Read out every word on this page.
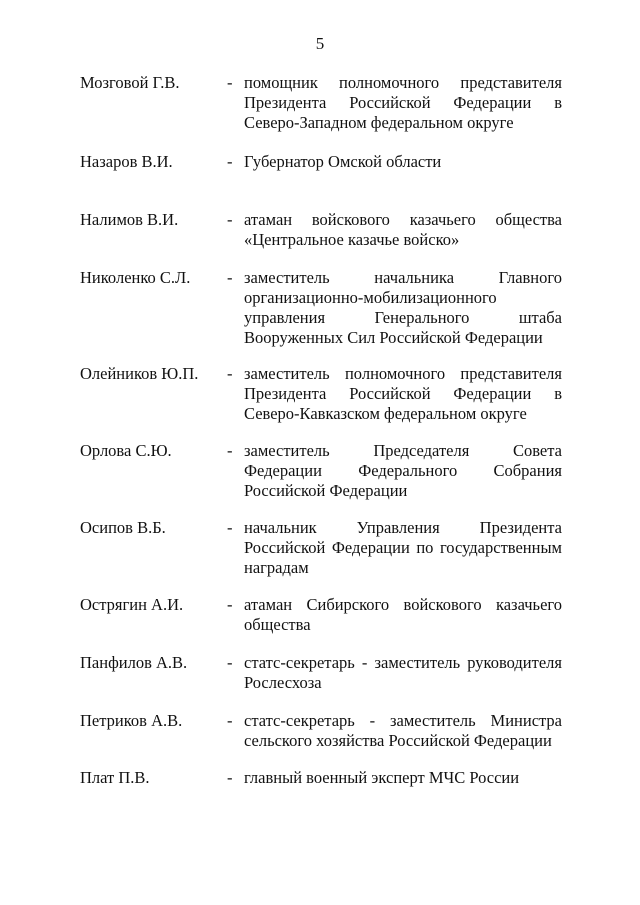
5
Мозговой Г.В.	- помощник полномочного представителя Президента Российской Федерации в Северо-Западном федеральном округе
Назаров В.И.	- Губернатор Омской области
Налимов В.И.	- атаман войскового казачьего общества «Центральное казачье войско»
Николенко С.Л. - заместитель начальника Главного организационно-мобилизационного управления Генерального штаба Вооруженных Сил Российской Федерации
Олейников Ю.П. - заместитель полномочного представителя Президента Российской Федерации в Северо-Кавказском федеральном округе
Орлова С.Ю.	- заместитель Председателя Совета Федерации Федерального Собрания Российской Федерации
Осипов В.Б.	- начальник Управления Президента Российской Федерации по государственным наградам
Острягин А.И.	- атаман Сибирского войскового казачьего общества
Панфилов А.В. - статс-секретарь - заместитель руководителя Рослесхоза
Петриков А.В.	- статс-секретарь - заместитель Министра сельского хозяйства Российской Федерации
Плат П.В.	- главный военный эксперт МЧС России
